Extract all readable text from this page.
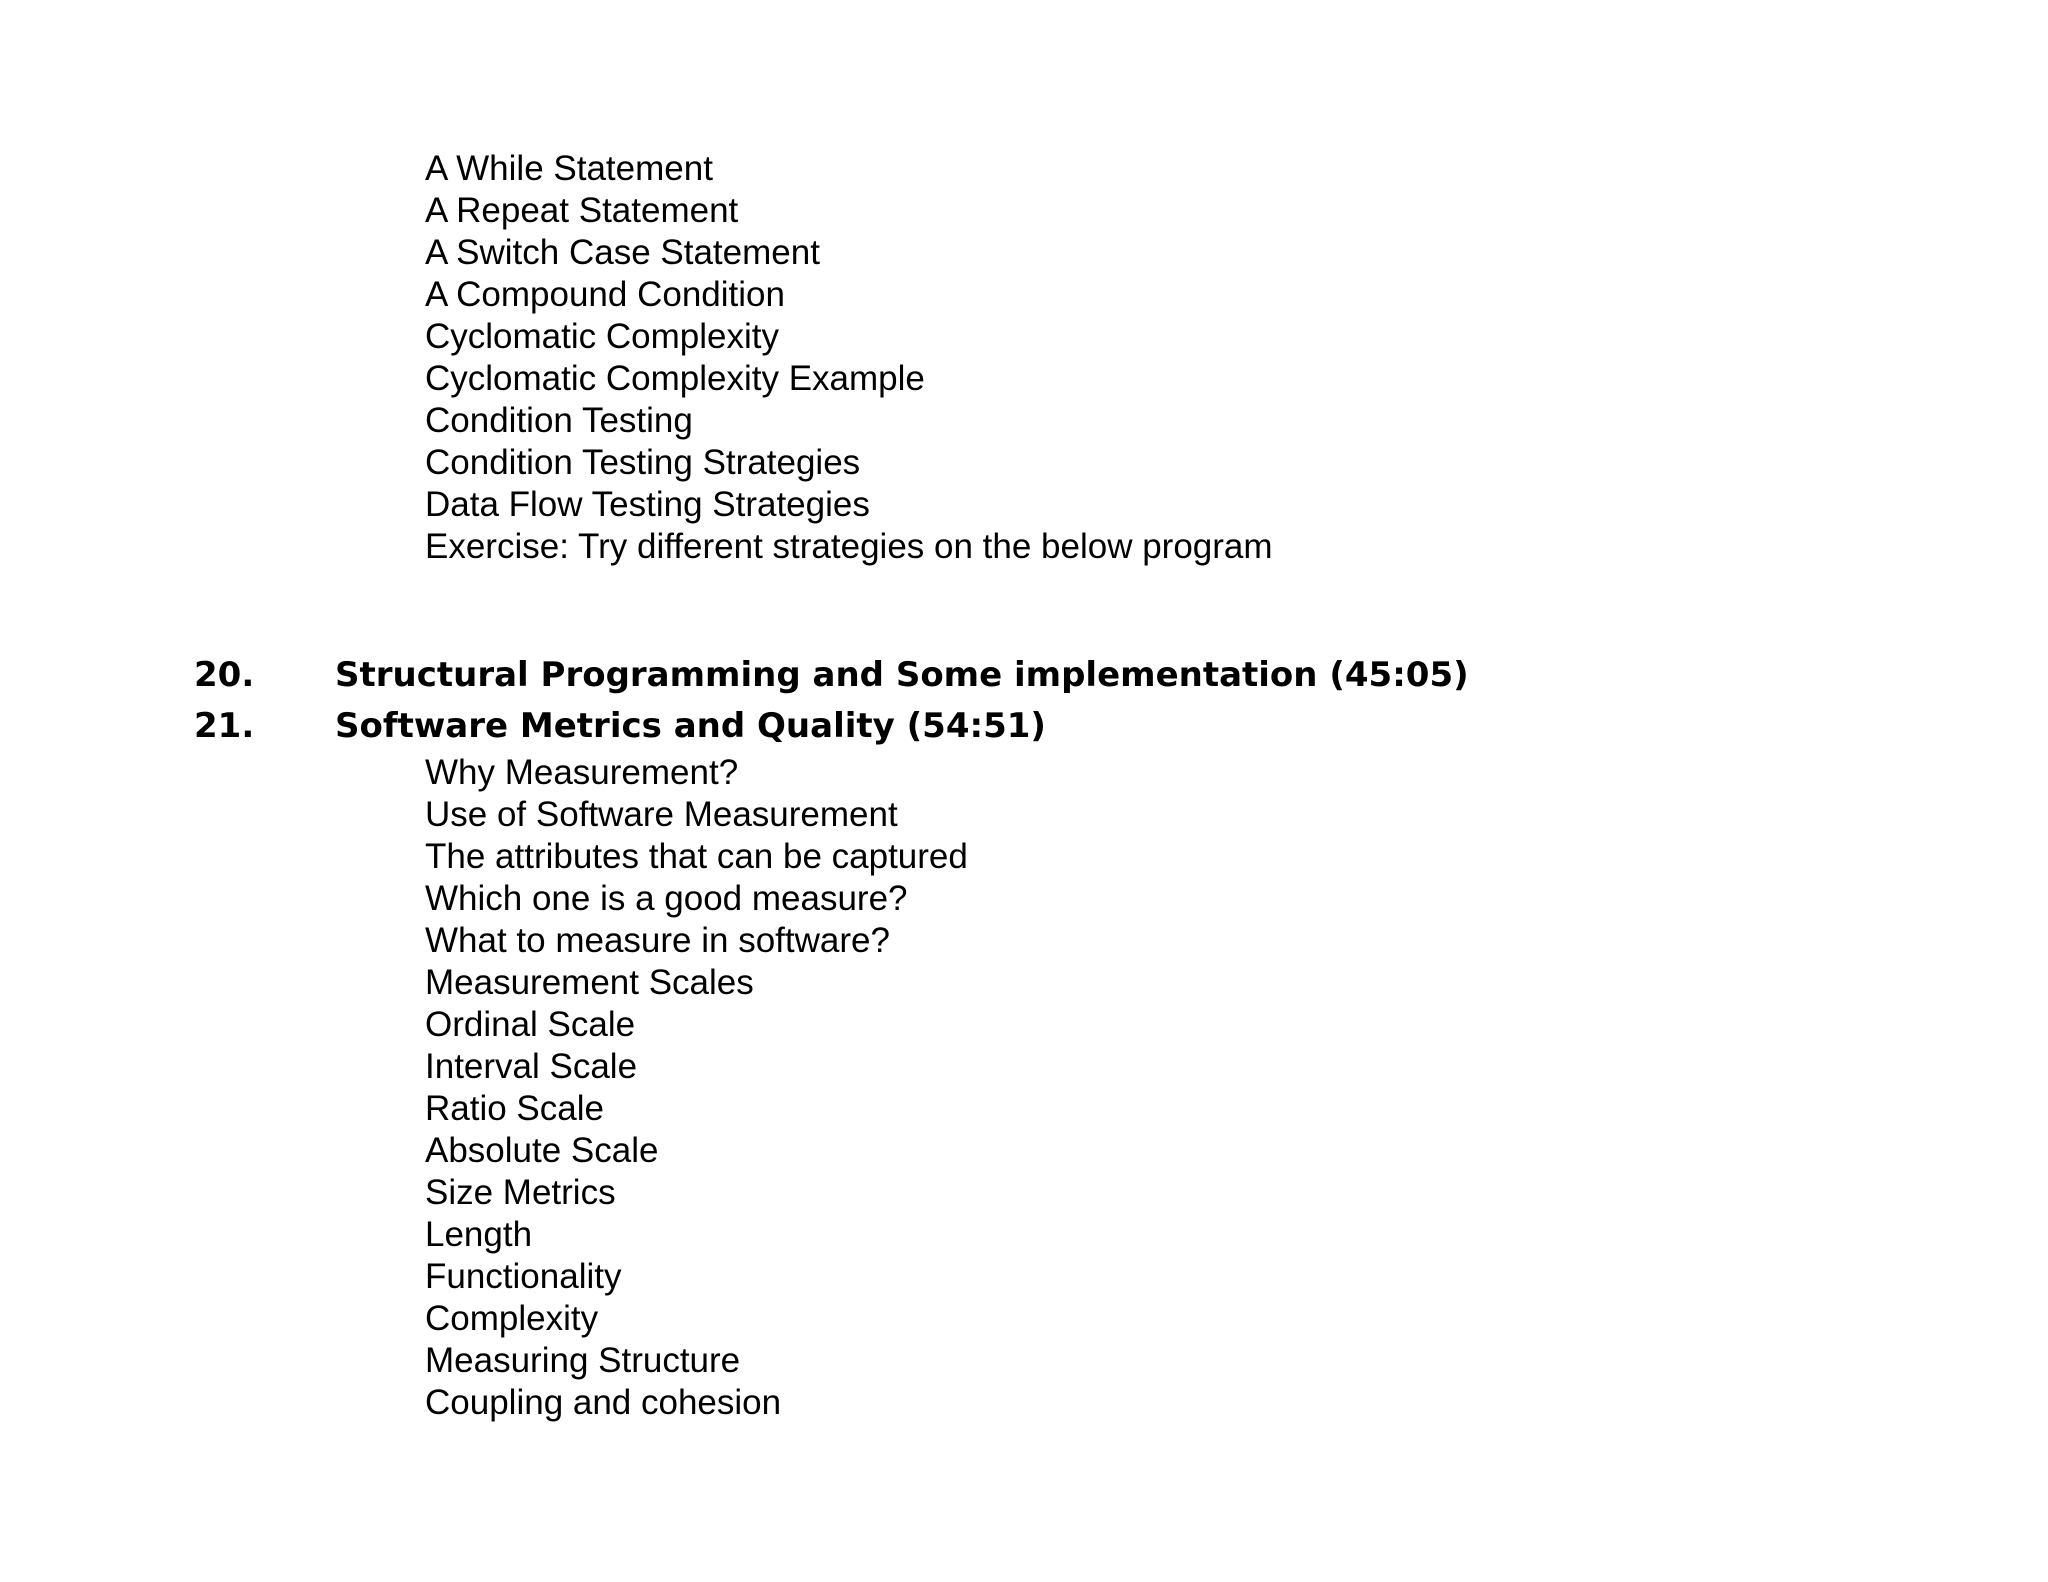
A While Statement
A Repeat Statement
A Switch Case Statement
A Compound Condition
Cyclomatic Complexity
Cyclomatic Complexity Example
Condition Testing
Condition Testing Strategies
Data Flow Testing Strategies
Exercise: Try different strategies on the below program
20. Structural Programming and Some implementation (45:05)
21. Software Metrics and Quality (54:51)
Why Measurement?
Use of Software Measurement
The attributes that can be captured
Which one is a good measure?
What to measure in software?
Measurement Scales
Ordinal Scale
Interval Scale
Ratio Scale
Absolute Scale
Size Metrics
Length
Functionality
Complexity
Measuring Structure
Coupling and cohesion
